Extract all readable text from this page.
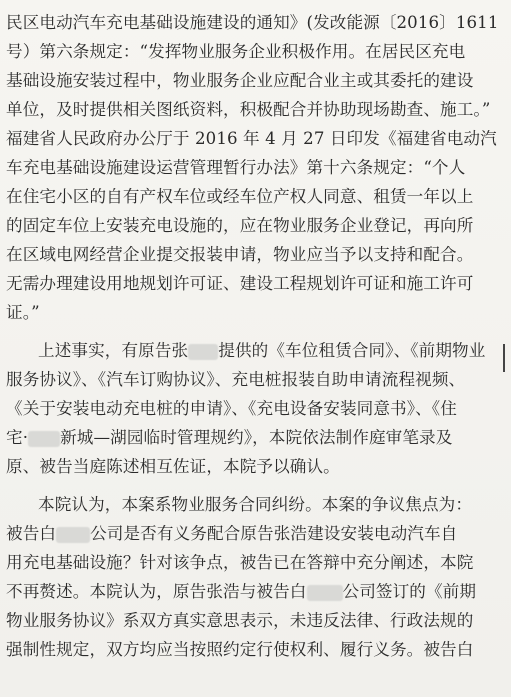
民区电动汽车充电基础设施建设的通知》(发改能源〔2016〕1611
号）第六条规定：“发挥物业服务企业积极作用。在居民区充电
基础设施安装过程中，物业服务企业应配合业主或其委托的建设
单位，及时提供相关图纸资料，积极配合并协助现场勘查、施工。”
福建省人民政府办公厅于 2016 年 4 月 27 日印发《福建省电动汽
车充电基础设施建设运营管理暂行办法》第十六条规定：“个人
在住宅小区的自有产权车位或经车位产权人同意、租赁一年以上
的固定车位上安装充电设施的，应在物业服务企业登记，再向所
在区域电网经营企业提交报装申请，物业应当予以支持和配合。
无需办理建设用地规划许可证、建设工程规划许可证和施工许可
证。”
上述事实，有原告张 提供的《车位租赁合同》、《前期物业
服务协议》、《汽车订购协议》、充电桩报装自助申请流程视频、
《关于安装电动充电桩的申请》、《充电设备安装同意书》、《住
宅· 新城—湖园临时管理规约》，本院依法制作庭审笔录及
原、被告当庭陈述相互佐证，本院予以确认。
本院认为，本案系物业服务合同纠纷。本案的争议焦点为：
被告白 公司是否有义务配合原告张浩建设安装电动汽车自
用充电基础设施？针对该争点，被告已在答辩中充分阐述，本院
不再赘述。本院认为，原告张浩与被告白 公司签订的《前期
物业服务协议》系双方真实意思表示，未违反法律、行政法规的
强制性规定，双方均应当按照约定行使权利、履行义务。被告白
